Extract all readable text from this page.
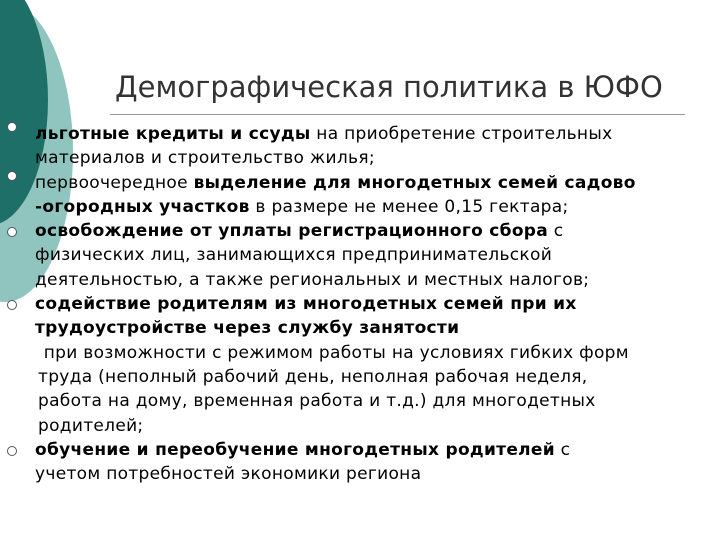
Демографическая политика в ЮФО
льготные кредиты и ссуды на приобретение строительных
материалов и строительство жилья;
первоочередное выделение для многодетных семей садово
-огородных участков в размере не менее 0,15 гектара;
освобождение от уплаты регистрационного сбора с
физических лиц, занимающихся предпринимательской
деятельностью, а также региональных и местных налогов;
содействие родителям из многодетных семей при их
трудоустройстве через службу занятости
при возможности с режимом работы на условиях гибких форм
труда (неполный рабочий день, неполная рабочая неделя,
работа на дому, временная работа и т.д.) для многодетных
родителей;
обучение и переобучение многодетных родителей с
учетом потребностей экономики региона
